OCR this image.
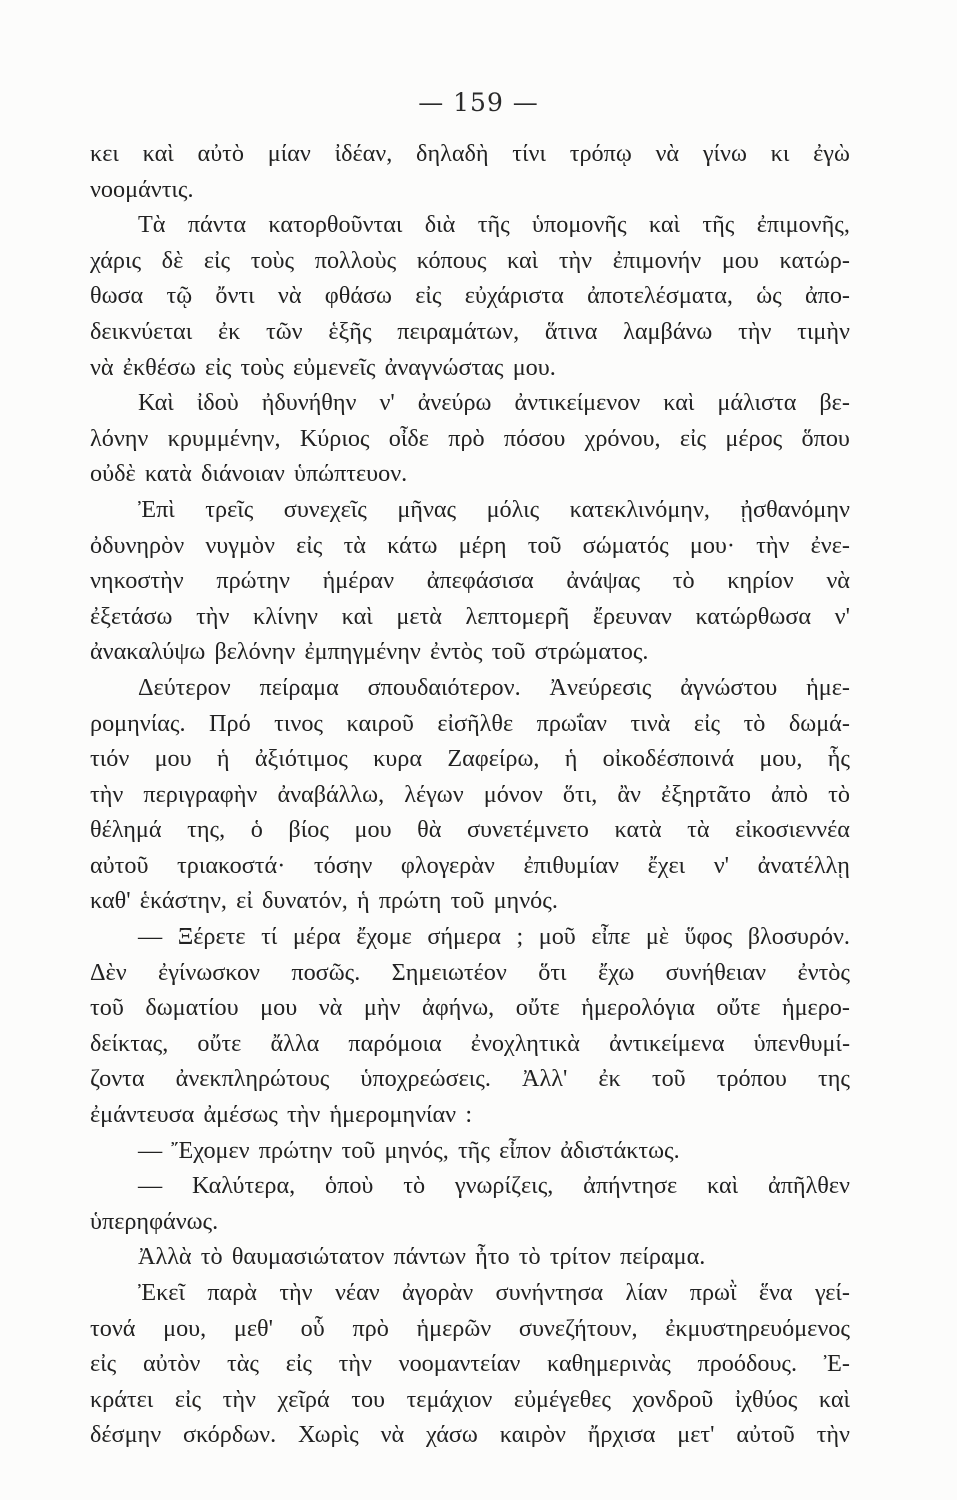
— 159 —
κει καὶ αὐτὸ μίαν ἰδέαν, δηλαδὴ τίνι τρόπῳ νὰ γίνω κι ἐγὼ
νοομάντις.
Τὰ πάντα κατορθοῦνται διὰ τῆς ὑπομονῆς καὶ τῆς ἐπιμονῆς,
χάρις δὲ εἰς τοὺς πολλοὺς κόπους καὶ τὴν ἐπιμονήν μου κατώρ-
θωσα τῷ ὄντι νὰ φθάσω εἰς εὐχάριστα ἀποτελέσματα, ὡς ἀπο-
δεικνύεται ἐκ τῶν ἑξῆς πειραμάτων, ἅτινα λαμβάνω τὴν τιμὴν
νὰ ἐκθέσω εἰς τοὺς εὐμενεῖς ἀναγνώστας μου.
Καὶ ἰδοὺ ἠδυνήθην ν' ἀνεύρω ἀντικείμενον καὶ μάλιστα βε-
λόνην κρυμμένην, Κύριος οἶδε πρὸ πόσου χρόνου, εἰς μέρος ὅπου
οὐδὲ κατὰ διάνοιαν ὑπώπτευον.
Ἐπὶ τρεῖς συνεχεῖς μῆνας μόλις κατεκλινόμην, ᾐσθανόμην
ὀδυνηρὸν νυγμὸν εἰς τὰ κάτω μέρη τοῦ σώματός μου· τὴν ἐνε-
νηκοστὴν πρώτην ἡμέραν ἀπεφάσισα ἀνάψας τὸ κηρίον νὰ
ἐξετάσω τὴν κλίνην καὶ μετὰ λεπτομερῆ ἔρευναν κατώρθωσα ν'
ἀνακαλύψω βελόνην ἐμπηγμένην ἐντὸς τοῦ στρώματος.
Δεύτερον πείραμα σπουδαιότερον. Ἀνεύρεσις ἀγνώστου ἡμε-
ρομηνίας. Πρό τινος καιροῦ εἰσῆλθε πρωΐαν τινὰ εἰς τὸ δωμά-
τιόν μου ἡ ἀξιότιμος κυρα Ζαφείρω, ἡ οἰκοδέσποινά μου, ἧς
τὴν περιγραφὴν ἀναβάλλω, λέγων μόνον ὅτι, ἂν ἐξηρτᾶτο ἀπὸ τὸ
θέλημά της, ὁ βίος μου θὰ συνετέμνετο κατὰ τὰ εἰκοσιεννέα
αὐτοῦ τριακοστά· τόσην φλογερὰν ἐπιθυμίαν ἔχει ν' ἀνατέλλῃ
καθ' ἑκάστην, εἰ δυνατόν, ἡ πρώτη τοῦ μηνός.
— Ξέρετε τί μέρα ἔχομε σήμερα ; μοῦ εἶπε μὲ ὕφος βλοσυρόν.
Δὲν ἐγίνωσκον ποσῶς. Σημειωτέον ὅτι ἔχω συνήθειαν ἐντὸς
τοῦ δωματίου μου νὰ μὴν ἀφήνω, οὔτε ἡμερολόγια οὔτε ἡμερο-
δείκτας, οὔτε ἄλλα παρόμοια ἐνοχλητικὰ ἀντικείμενα ὑπενθυμί-
ζοντα ἀνεκπληρώτους ὑποχρεώσεις. Ἀλλ' ἐκ τοῦ τρόπου της
ἐμάντευσα ἀμέσως τὴν ἡμερομηνίαν :
— Ἔχομεν πρώτην τοῦ μηνός, τῆς εἶπον ἀδιστάκτως.
— Καλύτερα, ὁποὺ τὸ γνωρίζεις, ἀπήντησε καὶ ἀπῆλθεν
ὑπερηφάνως.
Ἀλλὰ τὸ θαυμασιώτατον πάντων ἦτο τὸ τρίτον πείραμα.
Ἐκεῖ παρὰ τὴν νέαν ἀγορὰν συνήντησα λίαν πρωῒ ἕνα γεί-
τονά μου, μεθ' οὗ πρὸ ἡμερῶν συνεζήτουν, ἐκμυστηρευόμενος
εἰς αὐτὸν τὰς εἰς τὴν νοομαντείαν καθημερινὰς προόδους. Ἐ-
κράτει εἰς τὴν χεῖρά του τεμάχιον εὐμέγεθες χονδροῦ ἰχθύος καὶ
δέσμην σκόρδων. Χωρὶς νὰ χάσω καιρὸν ἤρχισα μετ' αὐτοῦ τὴν
